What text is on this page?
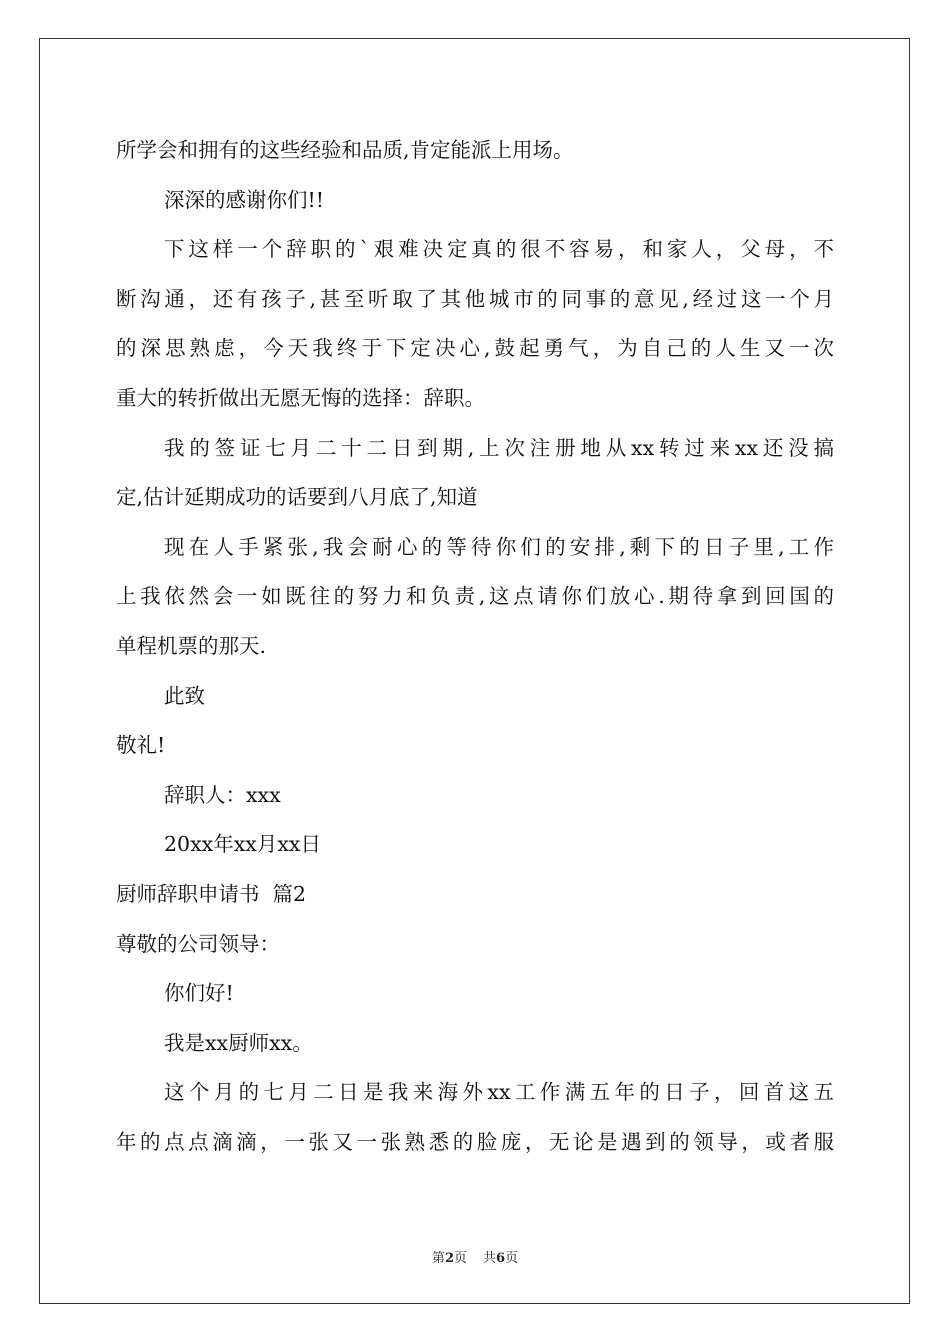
所学会和拥有的这些经验和品质,肯定能派上用场。
深深的感谢你们!!
下这样一个辞职的`艰难决定真的很不容易，和家人，父母，不
断沟通，还有孩子,甚至听取了其他城市的同事的意见,经过这一个月
的深思熟虑，今天我终于下定决心,鼓起勇气，为自己的人生又一次
重大的转折做出无愿无悔的选择：辞职。
我的签证七月二十二日到期,上次注册地从xx转过来xx还没搞
定,估计延期成功的话要到八月底了,知道
现在人手紧张,我会耐心的等待你们的安排,剩下的日子里,工作
上我依然会一如既往的努力和负责,这点请你们放心.期待拿到回国的
单程机票的那天.
此致
敬礼!
辞职人：xxx
20xx年xx月xx日
厨师辞职申请书  篇2
尊敬的公司领导：
你们好!
我是xx厨师xx。
这个月的七月二日是我来海外xx工作满五年的日子，回首这五
年的点点滴滴，一张又一张熟悉的脸庞，无论是遇到的领导，或者服
第2页 共6页
